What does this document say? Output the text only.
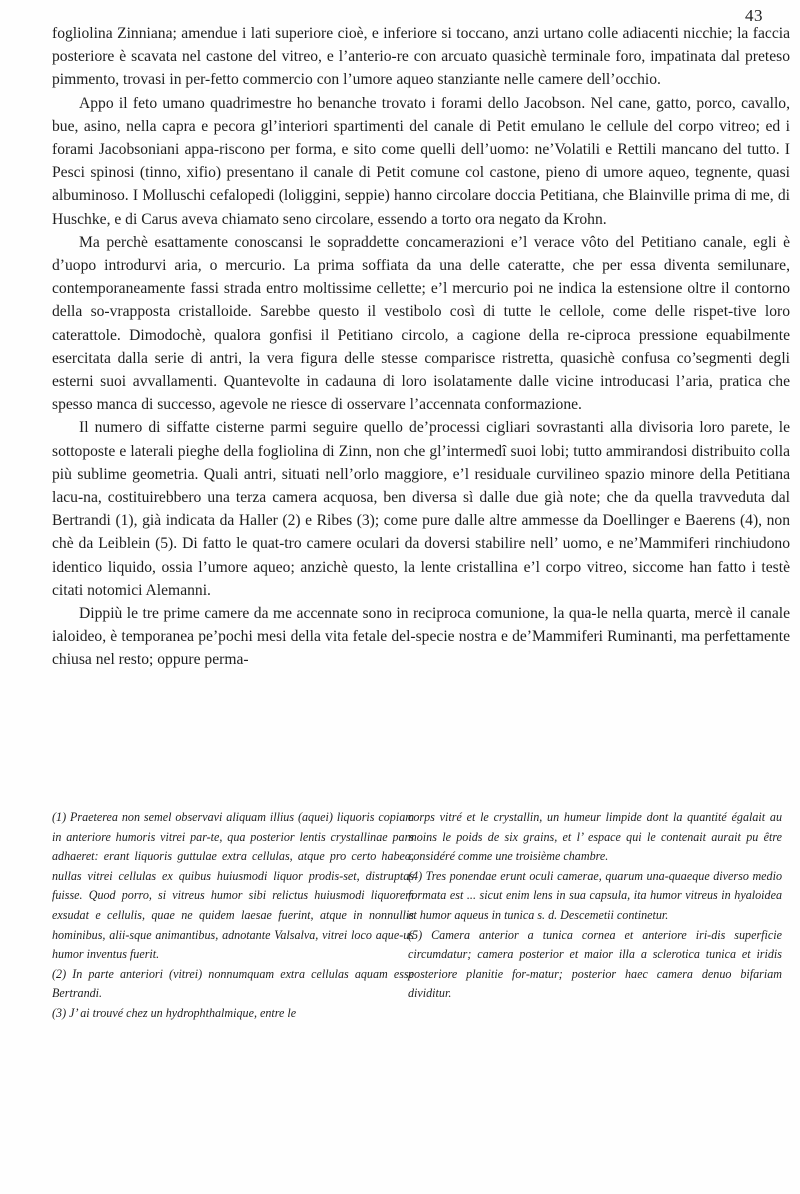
43

fogliolina Zinniana; amendue i lati superiore cioè, e inferiore si toccano, anzi urtano colle adiacenti nicchie; la faccia posteriore è scavata nel castone del vitreo, e l’anterio-re con arcuato quasichè terminale foro, impatinata dal preteso pimmento, trovasi in per-fetto commercio con l’umore aqueo stanziante nelle camere dell’occhio.

Appo il feto umano quadrimestre ho benanche trovato i forami dello Jacobson. Nel cane, gatto, porco, cavallo, bue, asino, nella capra e pecora gl’interiori spartimenti del canale di Petit emulano le cellule del corpo vitreo; ed i forami Jacobsoniani appa-riscono per forma, e sito come quelli dell’uomo: ne’Volatili e Rettili mancano del tutto. I Pesci spinosi (tinno, xifio) presentano il canale di Petit comune col castone, pieno di umore aqueo, tegnente, quasi albuminoso. I Molluschi cefalopedi (loliggini, seppie) hanno circolare doccia Petitiana, che Blainville prima di me, di Huschke, e di Carus aveva chiamato seno circolare, essendo a torto ora negato da Krohn.

Ma perchè esattamente conoscansi le sopraddette concamerazioni e’l verace vôto del Petitiano canale, egli è d’uopo introdurvi aria, o mercurio. La prima soffiata da una delle cateratte, che per essa diventa semilunare, contemporaneamente fassi strada entro moltissime cellette; e’l mercurio poi ne indica la estensione oltre il contorno della so-vrapposta cristalloide. Sarebbe questo il vestibolo così di tutte le cellole, come delle rispet-tive loro caterattole. Dimodochè, qualora gonfisi il Petitiano circolo, a cagione della re-ciproca pressione equabilmente esercitata dalla serie di antri, la vera figura delle stesse comparisce ristretta, quasichè confusa co’segmenti degli esterni suoi avvallamenti. Quantevolte in cadauna di loro isolatamente dalle vicine introducasi l’aria, pratica che spesso manca di successo, agevole ne riesce di osservare l’accennata conformazione.

Il numero di siffatte cisterne parmi seguire quello de’processi cigliari sovrastanti alla divisoria loro parete, le sottoposte e laterali pieghe della fogliolina di Zinn, non che gl’intermedî suoi lobi; tutto ammirandosi distribuito colla più sublime geometria. Quali antri, situati nell’orlo maggiore, e’l residuale curvilineo spazio minore della Petitiana lacu-na, costituirebbero una terza camera acquosa, ben diversa sì dalle due già note; che da quella travveduta dal Bertrandi (1), già indicata da Haller (2) e Ribes (3); come pure dalle altre ammesse da Doellinger e Baerens (4), non chè da Leiblein (5). Di fatto le quat-tro camere oculari da doversi stabilire nell’ uomo, e ne’Mammiferi rinchiudono identico liquido, ossia l’umore aqueo; anzichè questo, la lente cristallina e’l corpo vitreo, siccome han fatto i testè citati notomici Alemanni.

Dippiù le tre prime camere da me accennate sono in reciproca comunione, la qua-le nella quarta, mercè il canale ialoideo, è temporanea pe’pochi mesi della vita fetale del-specie nostra e de’Mammiferi Ruminanti, ma perfettamente chiusa nel resto; oppure perma-

(1) Praeterea non semel observavi aliquam illius (aquei) liquoris copiam in anteriore humoris vitrei par-te, qua posterior lentis crystallinae pars adhaeret: erant liquoris guttulae extra cellulas, atque pro certo habeo, nullas vitrei cellulas ex quibus huiusmodi liquor prodis-set, distruptas fuisse. Quod porro, si vitreus humor sibi relictus huiusmodi liquorem exsudat e cellulis, quae ne quidem laesae fuerint, atque in nonnullis hominibus, alii-sque animantibus, adnotante Valsalva, vitrei loco aque-us humor inventus fuerit.

(2) In parte anteriori (vitrei) nonnumquam extra cellulas aquam esse Bertrandi.

(3) J’ ai trouvé chez un hydrophthalmique, entre le

corps vitré et le crystallin, un humeur limpide dont la quantité égalait au moins le poids de six grains, et l’ espace qui le contenait aurait pu être considéré comme une troisième chambre.

(4) Tres ponendae erunt oculi camerae, quarum una-quaeque diverso medio formata est ... sicut enim lens in sua capsula, ita humor vitreus in hyaloidea et humor aqueus in tunica s. d. Descemetii continetur.

(5) Camera anterior a tunica cornea et anteriore iri-dis superficie circumdatur; camera posterior et maior illa a sclerotica tunica et iridis posteriore planitie for-matur; posterior haec camera denuo bifariam dividitur.
